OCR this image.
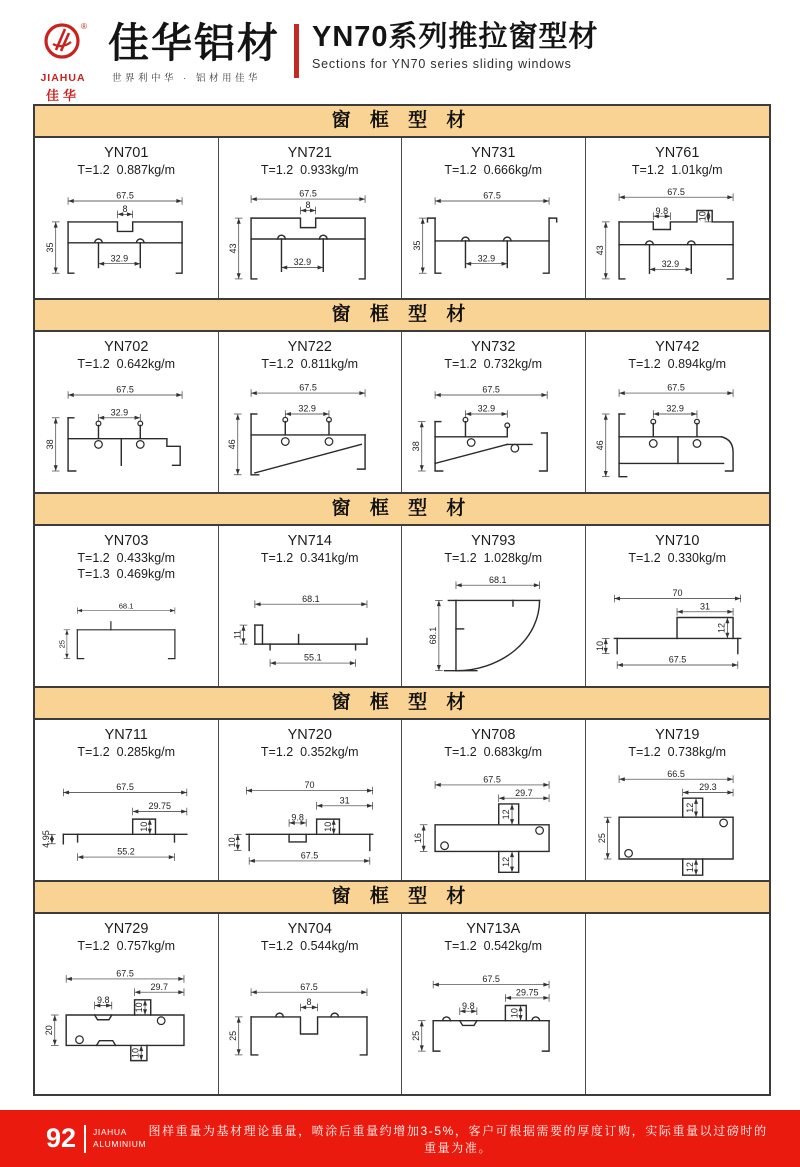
®
JIAHUA
佳华
佳华铝材
世界利中华 · 铝材用佳华
YN70系列推拉窗型材
Sections for YN70 series sliding windows
窗 框 型 材
YN701
T=1.2  0.887kg/m
67.5
8
35
32.9
YN721
T=1.2  0.933kg/m
67.5
8
43
32.9
YN731
T=1.2  0.666kg/m
67.5
35
32.9
YN761
T=1.2  1.01kg/m
67.5
9.8
10
43
32.9
窗 框 型 材
YN702
T=1.2  0.642kg/m
67.5
32.9
38
YN722
T=1.2  0.811kg/m
67.5
32.9
46
YN732
T=1.2  0.732kg/m
67.5
32.9
38
YN742
T=1.2  0.894kg/m
67.5
32.9
46
窗 框 型 材
YN703
T=1.2  0.433kg/m
T=1.3  0.469kg/m
68.1
25
YN714
T=1.2  0.341kg/m
68.1
11
55.1
YN793
T=1.2  1.028kg/m
68.1
68.1
YN710
T=1.2  0.330kg/m
70
31
12
10
67.5
窗 框 型 材
YN711
T=1.2  0.285kg/m
67.5
29.75
10
4.95
55.2
YN720
T=1.2  0.352kg/m
70
31
9.8
10
10
67.5
YN708
T=1.2  0.683kg/m
67.5
29.7
12
16
12
YN719
T=1.2  0.738kg/m
66.5
29.3
12
25
12
窗 框 型 材
YN729
T=1.2  0.757kg/m
67.5
29.7
9.8
10
20
10
YN704
T=1.2  0.544kg/m
67.5
8
25
YN713A
T=1.2  0.542kg/m
67.5
29.75
9.8
10
25
92 JIAHUA
ALUMINIUM
图样重量为基材理论重量，喷涂后重量约增加3-5%，客户可根据需要的厚度订购，实际重量以过磅时的重量为准。
